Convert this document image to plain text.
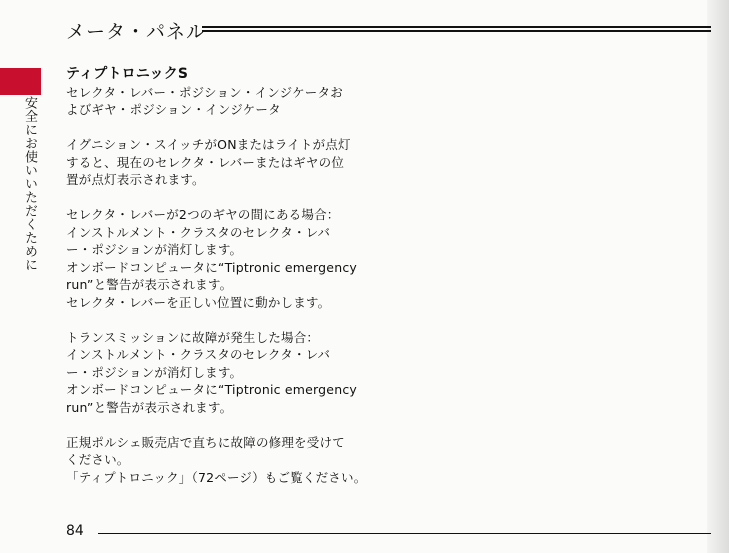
メータ・パネル
安全にお使いいただくために
ティプトロニックS
セレクタ・レバー・ポジション・インジケータお
よびギヤ・ポジション・インジケータ
イグニション・スイッチがONまたはライトが点灯
すると、現在のセレクタ・レバーまたはギヤの位
置が点灯表示されます。
セレクタ・レバーが2つのギヤの間にある場合：
インストルメント・クラスタのセレクタ・レバ
ー・ポジションが消灯します。
オンボードコンピュータに“Tiptronic emergency
run”と警告が表示されます。
セレクタ・レバーを正しい位置に動かします。
トランスミッションに故障が発生した場合：
インストルメント・クラスタのセレクタ・レバ
ー・ポジションが消灯します。
オンボードコンピュータに“Tiptronic emergency
run”と警告が表示されます。
正規ポルシェ販売店で直ちに故障の修理を受けて
ください。
「ティプトロニック」（72ページ）もご覧ください。
84
